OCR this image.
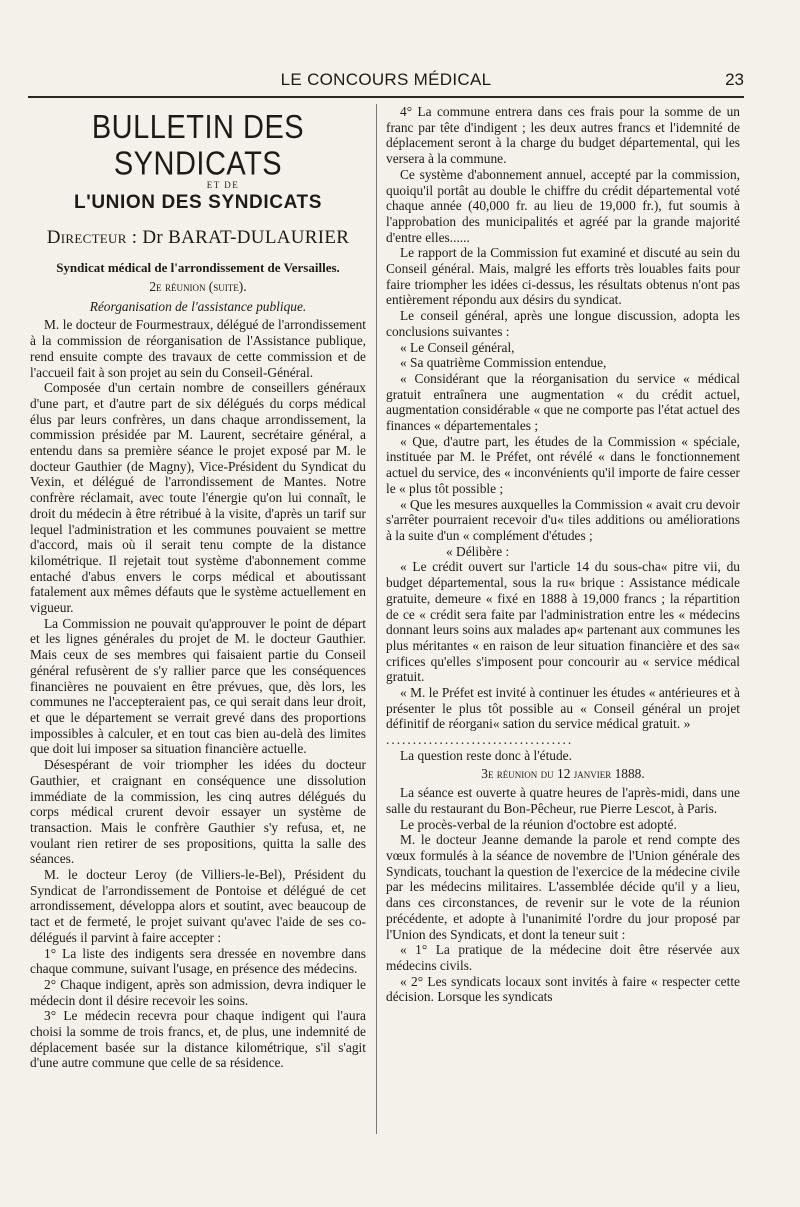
LE CONCOURS MÉDICAL	23
BULLETIN DES SYNDICATS
ET DE
L'UNION DES SYNDICATS
Directeur : Dr BARAT-DULAURIER
Syndicat médical de l'arrondissement de Versailles.
2e réunion (suite).
Réorganisation de l'assistance publique.

M. le docteur de Fourmestraux, délégué de l'arrondissement à la commission de réorganisation de l'Assistance publique, rend ensuite compte des travaux de cette commission et de l'accueil fait à son projet au sein du Conseil-Général.

Composée d'un certain nombre de conseillers généraux d'une part, et d'autre part de six délégués du corps médical élus par leurs confrères, un dans chaque arrondissement, la commission présidée par M. Laurent, secrétaire général, a entendu dans sa première séance le projet exposé par M. le docteur Gauthier (de Magny), Vice-Président du Syndicat du Vexin, et délégué de l'arrondissement de Mantes. Notre confrère réclamait, avec toute l'énergie qu'on lui connaît, le droit du médecin à être rétribué à la visite, d'après un tarif sur lequel l'administration et les communes pouvaient se mettre d'accord, mais où il serait tenu compte de la distance kilométrique. Il rejetait tout système d'abonnement comme entaché d'abus envers le corps médical et aboutissant fatalement aux mêmes défauts que le système actuellement en vigueur.

La Commission ne pouvait qu'approuver le point de départ et les lignes générales du projet de M. le docteur Gauthier. Mais ceux de ses membres qui faisaient partie du Conseil général refusèrent de s'y rallier parce que les conséquences financières ne pouvaient en être prévues, que, dès lors, les communes ne l'accepteraient pas, ce qui serait dans leur droit, et que le département se verrait grevé dans des proportions impossibles à calculer, et en tout cas bien au-delà des limites que doit lui imposer sa situation financière actuelle.

Désespérant de voir triompher les idées du docteur Gauthier, et craignant en conséquence une dissolution immédiate de la commission, les cinq autres délégués du corps médical crurent devoir essayer un système de transaction. Mais le confrère Gauthier s'y refusa, et, ne voulant rien retirer de ses propositions, quitta la salle des séances.

M. le docteur Leroy (de Villiers-le-Bel), Président du Syndicat de l'arrondissement de Pontoise et délégué de cet arrondissement, développa alors et soutint, avec beaucoup de tact et de fermeté, le projet suivant qu'avec l'aide de ses co-délégués il parvint à faire accepter :

1° La liste des indigents sera dressée en novembre dans chaque commune, suivant l'usage, en présence des médecins.

2° Chaque indigent, après son admission, devra indiquer le médecin dont il désire recevoir les soins.

3° Le médecin recevra pour chaque indigent qui l'aura choisi la somme de trois francs, et, de plus, une indemnité de déplacement basée sur la distance kilométrique, s'il s'agit d'une autre commune que celle de sa résidence.

4° La commune entrera dans ces frais pour la somme de un franc par tête d'indigent ; les deux autres francs et l'idemnité de déplacement seront à la charge du budget départemental, qui les versera à la commune.

Ce système d'abonnement annuel, accepté par la commission, quoiqu'il portât au double le chiffre du crédit départemental voté chaque année (40,000 fr. au lieu de 19,000 fr.), fut soumis à l'approbation des municipalités et agréé par la grande majorité d'entre elles......

Le rapport de la Commission fut examiné et discuté au sein du Conseil général. Mais, malgré les efforts très louables faits pour faire triompher les idées ci-dessus, les résultats obtenus n'ont pas entièrement répondu aux désirs du syndicat.

Le conseil général, après une longue discussion, adopta les conclusions suivantes :

« Le Conseil général,

« Sa quatrième Commission entendue,

« Considérant que la réorganisation du service « médical gratuit entraînera une augmentation « du crédit actuel, augmentation considérable « que ne comporte pas l'état actuel des finances « départementales ;

« Que, d'autre part, les études de la Commission « spéciale, instituée par M. le Préfet, ont révélé « dans le fonctionnement actuel du service, des « inconvénients qu'il importe de faire cesser le « plus tôt possible ;

« Que les mesures auxquelles la Commission « avait cru devoir s'arrêter pourraient recevoir d'u« tiles additions ou améliorations à la suite d'un « complément d'études ;

« Délibère :

« Le crédit ouvert sur l'article 14 du sous-cha« pitre vii, du budget départemental, sous la ru« brique : Assistance médicale gratuite, demeure « fixé en 1888 à 19,000 francs ; la répartition de ce « crédit sera faite par l'administration entre les « médecins donnant leurs soins aux malades ap« partenant aux communes les plus méritantes « en raison de leur situation financière et des sa« crifices qu'elles s'imposent pour concourir au « service médical gratuit.

« M. le Préfet est invité à continuer les études « antérieures et à présenter le plus tôt possible au « Conseil général un projet définitif de réorgani« sation du service médical gratuit. »

...................................

La question reste donc à l'étude.

3e réunion du 12 janvier 1888.

La séance est ouverte à quatre heures de l'après-midi, dans une salle du restaurant du Bon-Pêcheur, rue Pierre Lescot, à Paris.

Le procès-verbal de la réunion d'octobre est adopté.

M. le docteur Jeanne demande la parole et rend compte des vœux formulés à la séance de novembre de l'Union générale des Syndicats, touchant la question de l'exercice de la médecine civile par les médecins militaires. L'assemblée décide qu'il y a lieu, dans ces circonstances, de revenir sur le vote de la réunion précédente, et adopte à l'unanimité l'ordre du jour proposé par l'Union des Syndicats, et dont la teneur suit :

« 1° La pratique de la médecine doit être réservée aux médecins civils.

« 2° Les syndicats locaux sont invités à faire « respecter cette décision. Lorsque les syndicats
